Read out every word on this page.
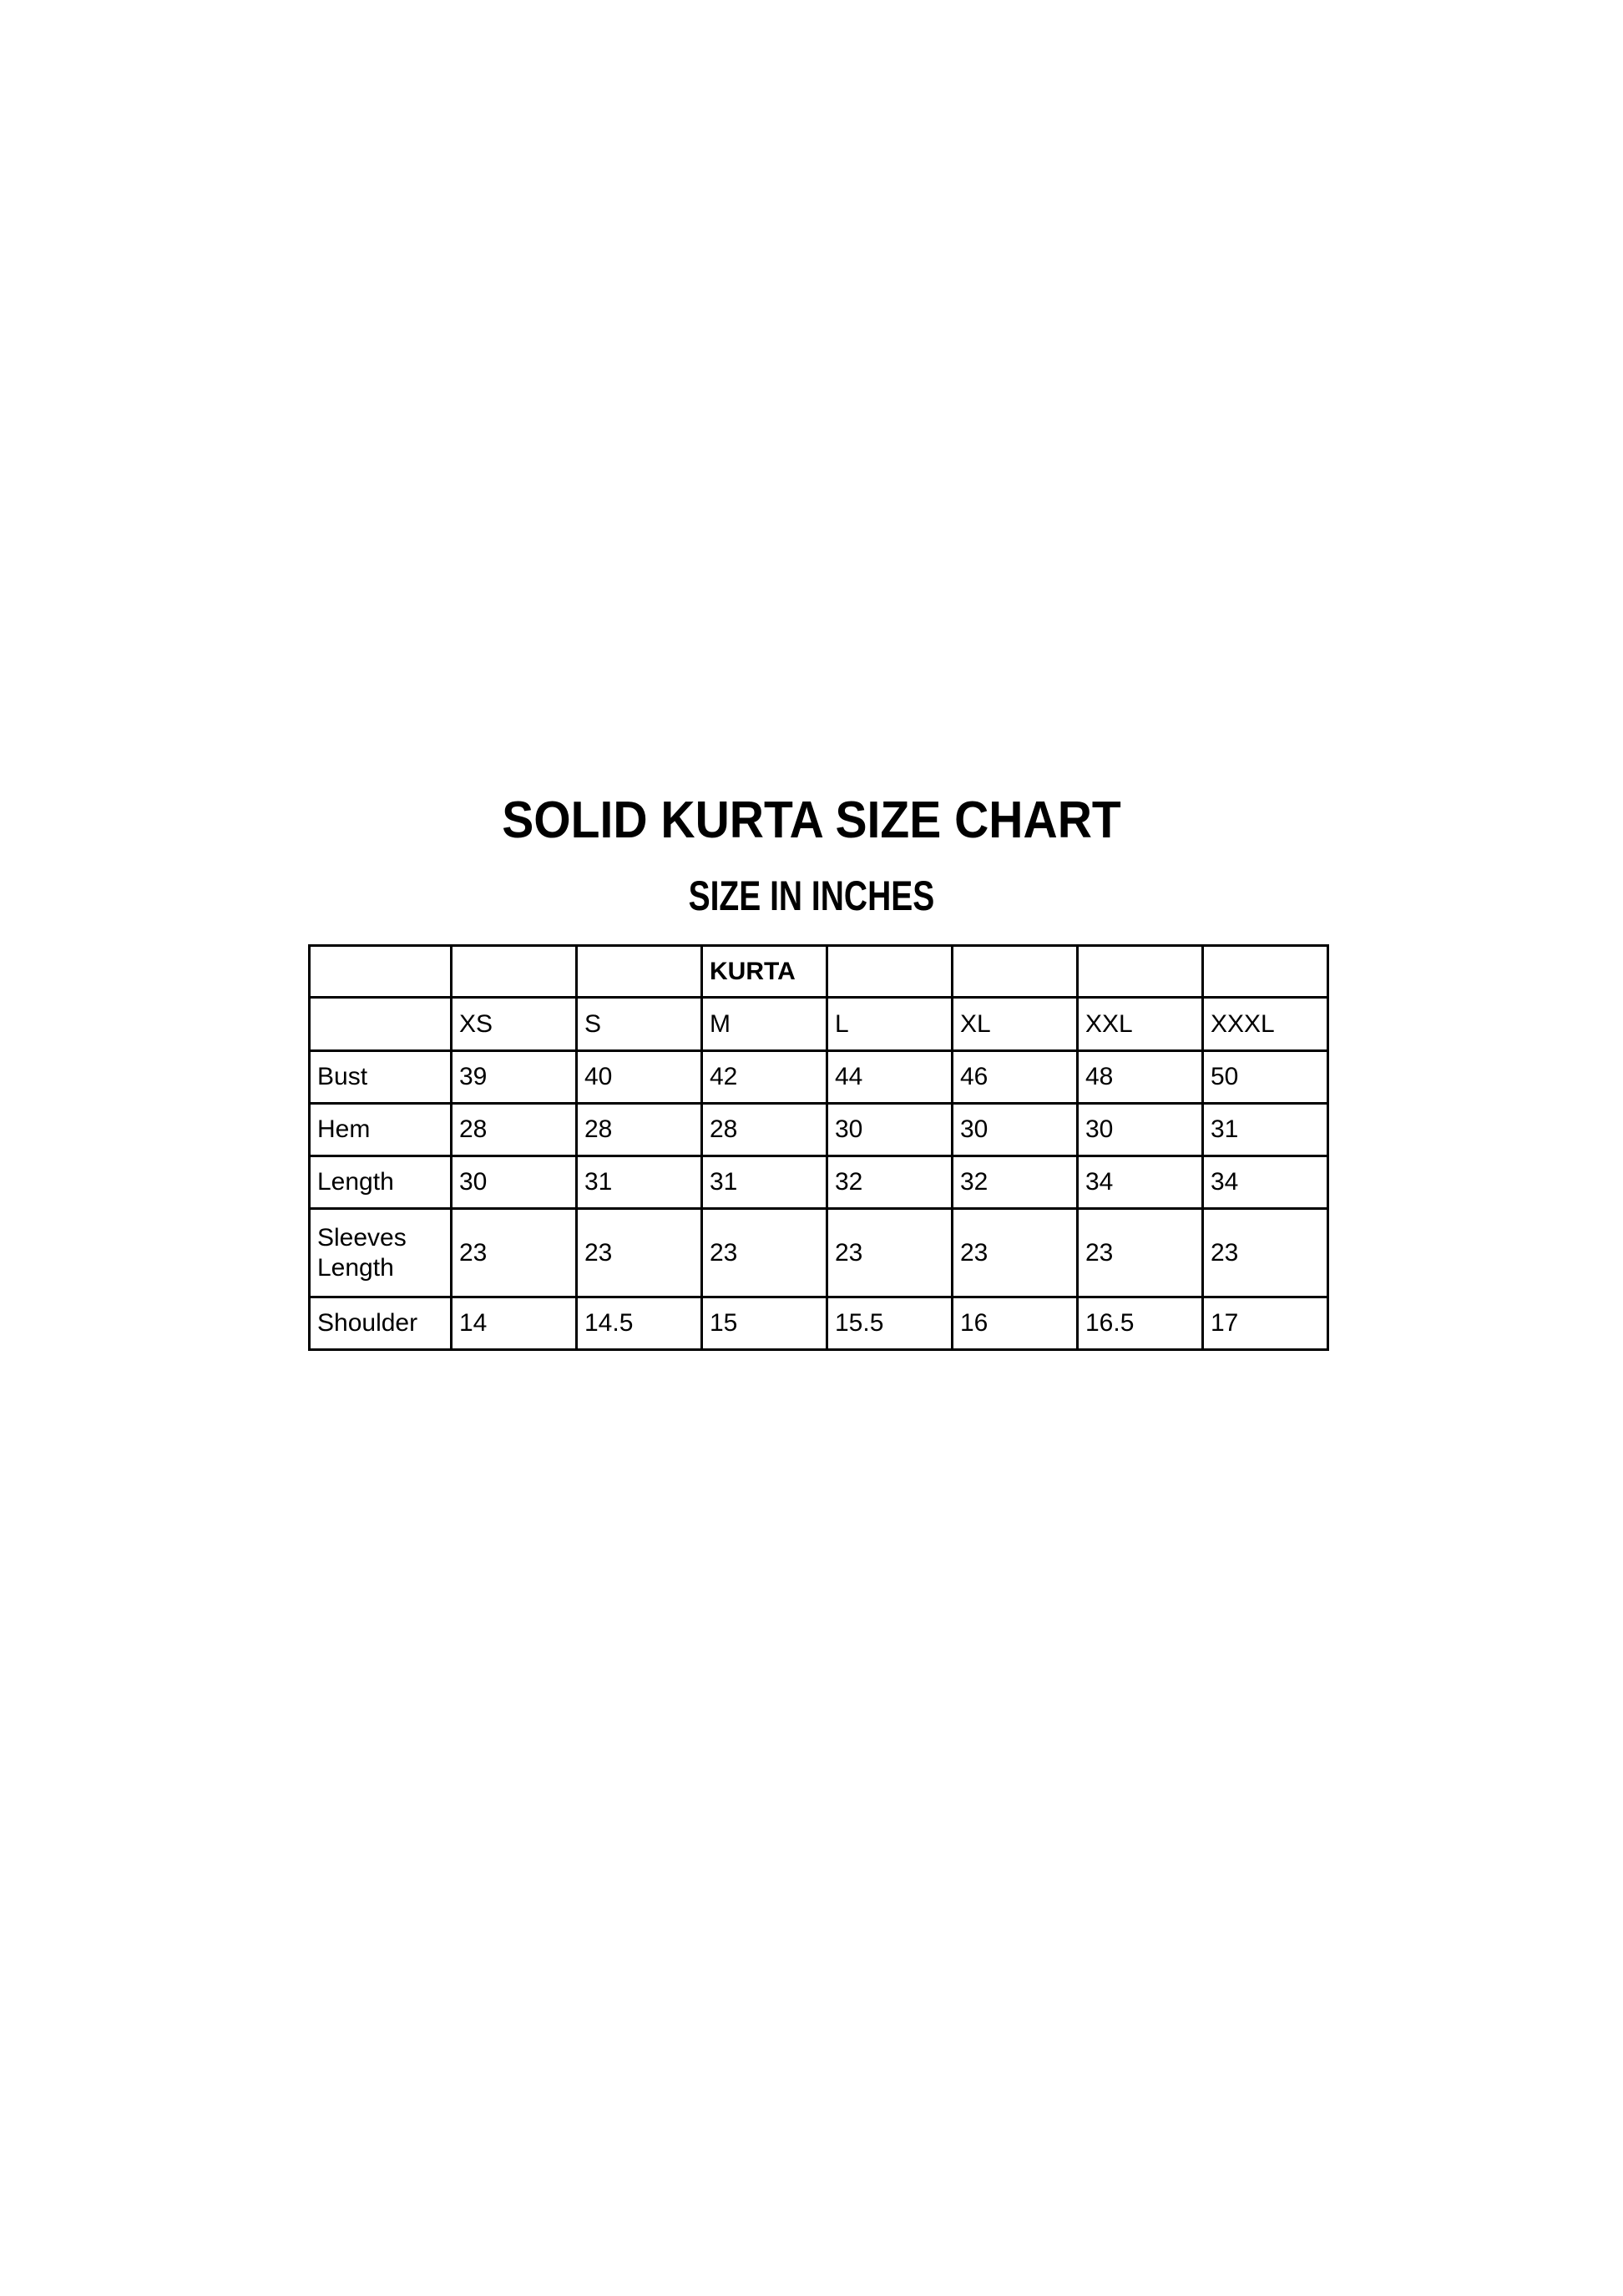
SOLID KURTA SIZE CHART
SIZE IN INCHES
			KURTA				
	XS	S	M	L	XL	XXL	XXXL
Bust	39	40	42	44	46	48	50
Hem	28	28	28	30	30	30	31
Length	30	31	31	32	32	34	34
Sleeves Length	23	23	23	23	23	23	23
Shoulder	14	14.5	15	15.5	16	16.5	17
